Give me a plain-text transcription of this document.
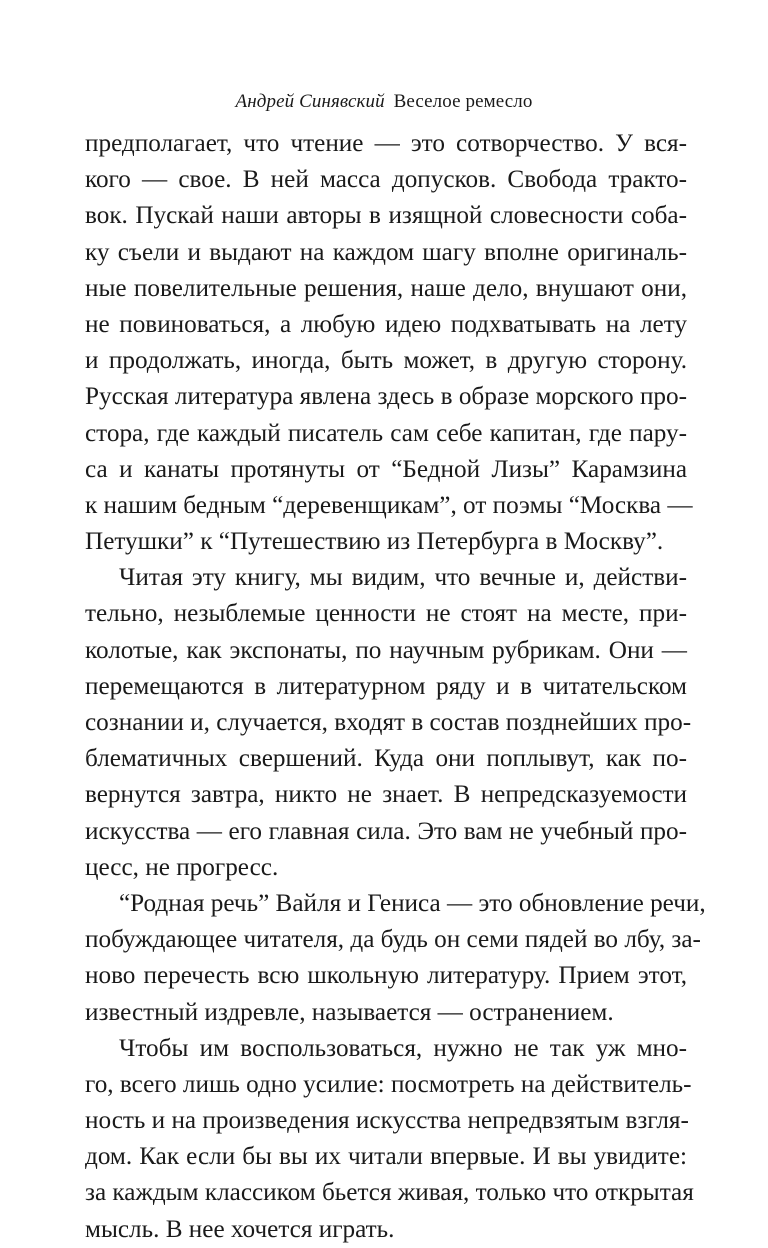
Андрей Синявский Веселое ремесло
предполагает, что чтение — это сотворчество. У вся-
кого — свое. В ней масса допусков. Свобода тракто-
вок. Пускай наши авторы в изящной словесности соба-
ку съели и выдают на каждом шагу вполне оригиналь-
ные повелительные решения, наше дело, внушают они,
не повиноваться, а любую идею подхватывать на лету
и продолжать, иногда, быть может, в другую сторону.
Русская литература явлена здесь в образе морского про-
стора, где каждый писатель сам себе капитан, где пару-
са и канаты протянуты от “Бедной Лизы” Карамзина
к нашим бедным “деревенщикам”, от поэмы “Москва —
Петушки” к “Путешествию из Петербурга в Москву”.
Читая эту книгу, мы видим, что вечные и, действи-
тельно, незыблемые ценности не стоят на месте, при-
колотые, как экспонаты, по научным рубрикам. Они —
перемещаются в литературном ряду и в читательском
сознании и, случается, входят в состав позднейших про-
блематичных свершений. Куда они поплывут, как по-
вернутся завтра, никто не знает. В непредсказуемости
искусства — его главная сила. Это вам не учебный про-
цесс, не прогресс.
“Родная речь” Вайля и Гениса — это обновление речи,
побуждающее читателя, да будь он семи пядей во лбу, за-
ново перечесть всю школьную литературу. Прием этот,
известный издревле, называется — остранением.
Чтобы им воспользоваться, нужно не так уж мно-
го, всего лишь одно усилие: посмотреть на действитель-
ность и на произведения искусства непредвзятым взгля-
дом. Как если бы вы их читали впервые. И вы увидите:
за каждым классиком бьется живая, только что открытая
мысль. В нее хочется играть.
